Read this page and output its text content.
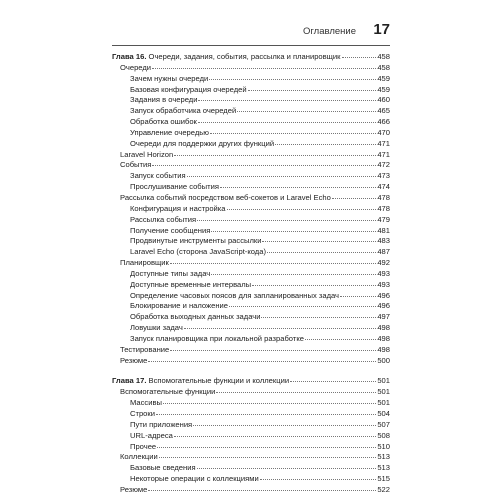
Оглавление 17
Глава 16. Очереди, задания, события, рассылка и планировщик	458
Очереди	458
Зачем нужны очереди	459
Базовая конфигурация очередей	459
Задания в очереди	460
Запуск обработчика очередей	465
Обработка ошибок	466
Управление очередью	470
Очереди для поддержки других функций	471
Laravel Horizon	471
События	472
Запуск события	473
Прослушивание события	474
Рассылка событий посредством веб-сокетов и Laravel Echo	478
Конфигурация и настройка	478
Рассылка события	479
Получение сообщения	481
Продвинутые инструменты рассылки	483
Laravel Echo (сторона JavaScript-кода)	487
Планировщик	492
Доступные типы задач	493
Доступные временные интервалы	493
Определение часовых поясов для запланированных задач	496
Блокирование и наложение	496
Обработка выходных данных задачи	497
Ловушки задач	498
Запуск планировщика при локальной разработке	498
Тестирование	498
Резюме	500
Глава 17. Вспомогательные функции и коллекции	501
Вспомогательные функции	501
Массивы	501
Строки	504
Пути приложения	507
URL-адреса	508
Прочее	510
Коллекции	513
Базовые сведения	513
Некоторые операции с коллекциями	515
Резюме	522
